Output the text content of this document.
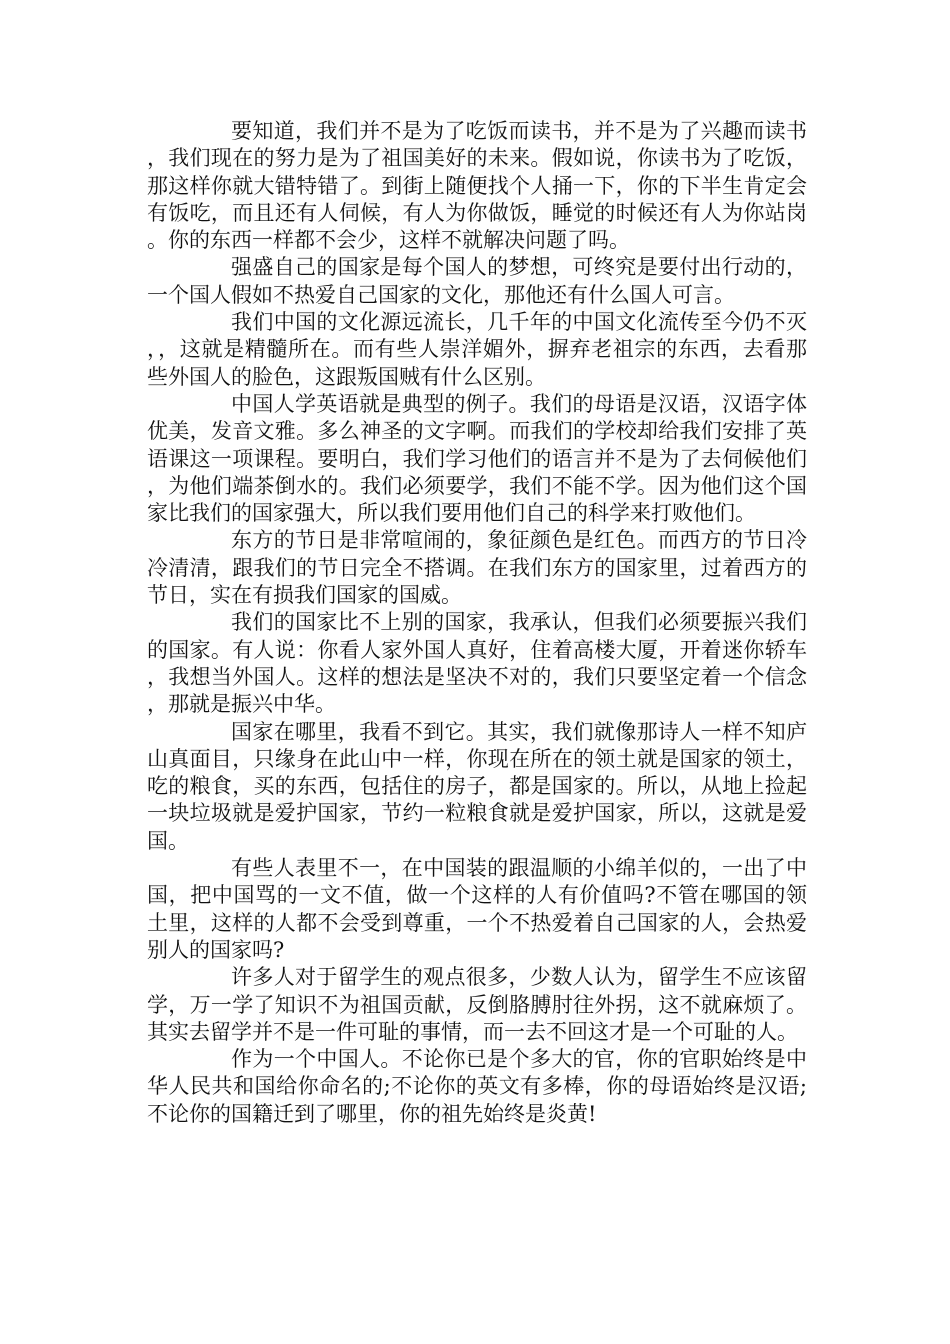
要知道，我们并不是为了吃饭而读书，并不是为了兴趣而读书，我们现在的努力是为了祖国美好的未来。假如说，你读书为了吃饭，那这样你就大错特错了。到街上随便找个人捅一下，你的下半生肯定会有饭吃，而且还有人伺候，有人为你做饭，睡觉的时候还有人为你站岗。你的东西一样都不会少，这样不就解决问题了吗。

强盛自己的国家是每个国人的梦想，可终究是要付出行动的，一个国人假如不热爱自己国家的文化，那他还有什么国人可言。

我们中国的文化源远流长，几千年的中国文化流传至今仍不灭，，这就是精髓所在。而有些人崇洋媚外，摒弃老祖宗的东西，去看那些外国人的脸色，这跟叛国贼有什么区别。

中国人学英语就是典型的例子。我们的母语是汉语，汉语字体优美，发音文雅。多么神圣的文字啊。而我们的学校却给我们安排了英语课这一项课程。要明白，我们学习他们的语言并不是为了去伺候他们，为他们端茶倒水的。我们必须要学，我们不能不学。因为他们这个国家比我们的国家强大，所以我们要用他们自己的科学来打败他们。

东方的节日是非常喧闹的，象征颜色是红色。而西方的节日冷冷清清，跟我们的节日完全不搭调。在我们东方的国家里，过着西方的节日，实在有损我们国家的国威。

我们的国家比不上别的国家，我承认，但我们必须要振兴我们的国家。有人说：你看人家外国人真好，住着高楼大厦，开着迷你轿车，我想当外国人。这样的想法是坚决不对的，我们只要坚定着一个信念，那就是振兴中华。

国家在哪里，我看不到它。其实，我们就像那诗人一样不知庐山真面目，只缘身在此山中一样，你现在所在的领土就是国家的领土，吃的粮食，买的东西，包括住的房子，都是国家的。所以，从地上捡起一块垃圾就是爱护国家，节约一粒粮食就是爱护国家，所以，这就是爱国。

有些人表里不一，在中国装的跟温顺的小绵羊似的，一出了中国，把中国骂的一文不值，做一个这样的人有价值吗?不管在哪国的领土里，这样的人都不会受到尊重，一个不热爱着自己国家的人，会热爱别人的国家吗?

许多人对于留学生的观点很多，少数人认为，留学生不应该留学，万一学了知识不为祖国贡献，反倒胳膊肘往外拐，这不就麻烦了。其实去留学并不是一件可耻的事情，而一去不回这才是一个可耻的人。

作为一个中国人。不论你已是个多大的官，你的官职始终是中华人民共和国给你命名的;不论你的英文有多棒，你的母语始终是汉语;不论你的国籍迁到了哪里，你的祖先始终是炎黄!
